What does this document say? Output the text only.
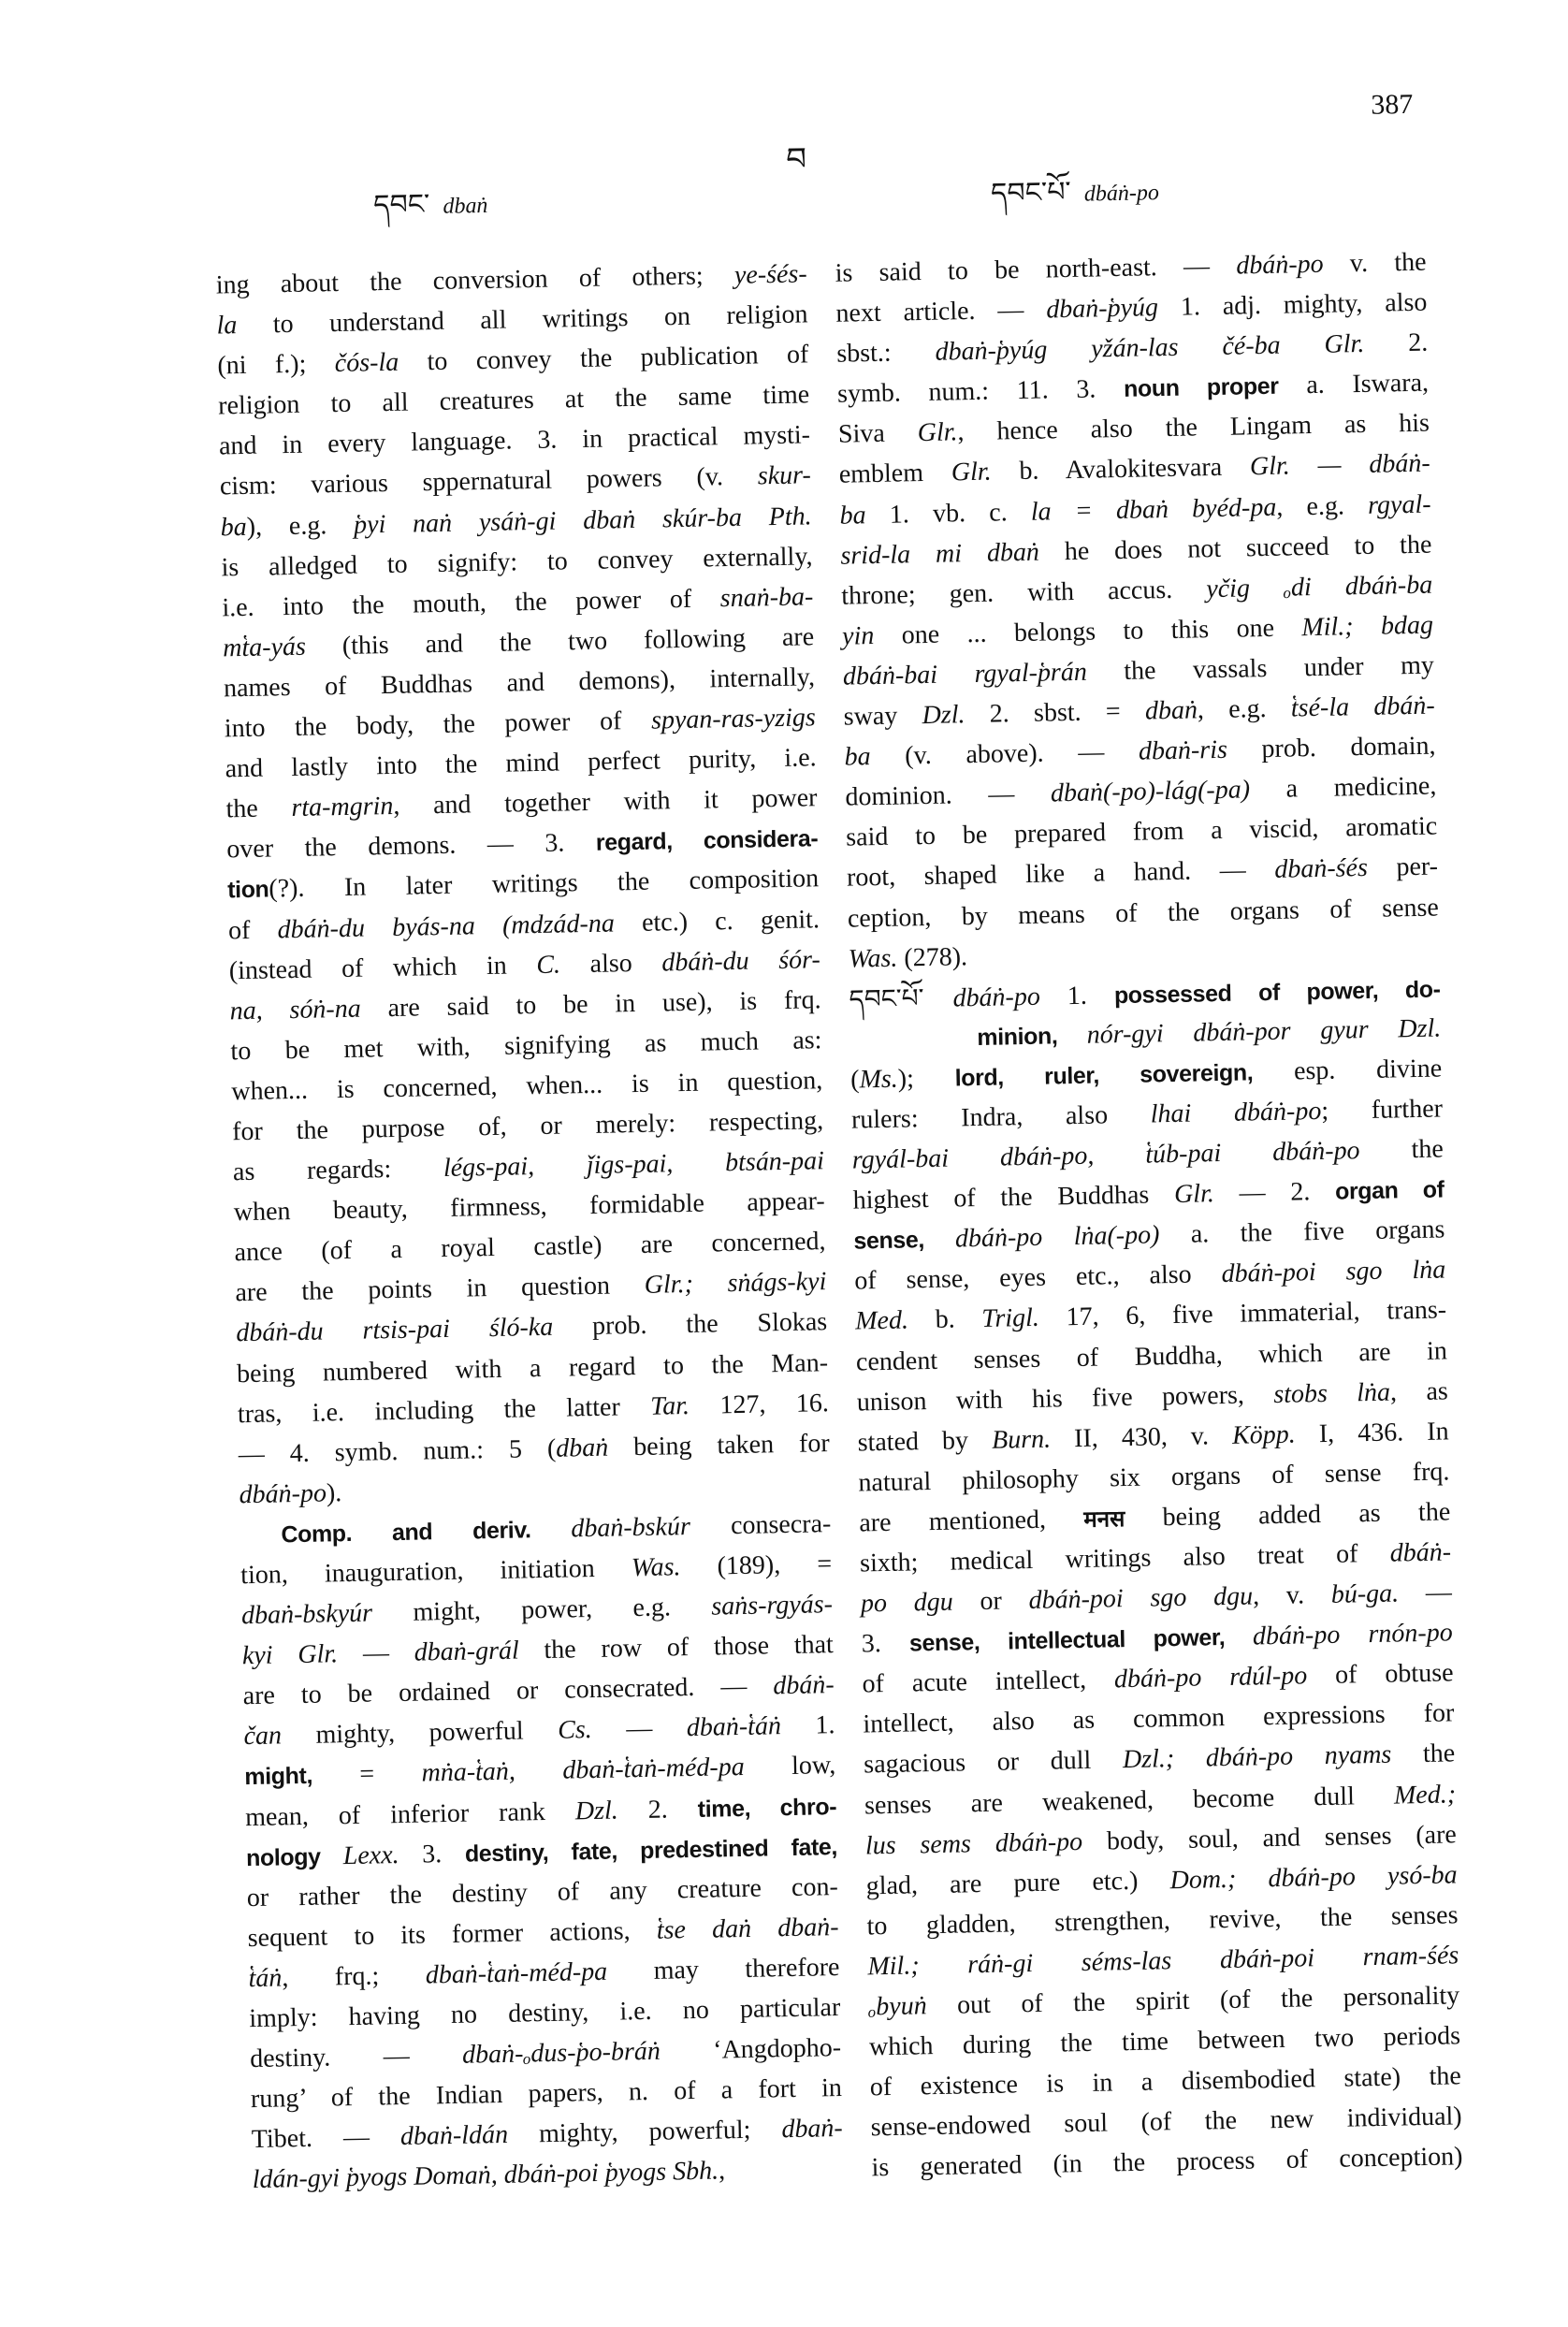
387
བ
དབང་ dbaṅ	དབང་པོ་ dbáṅ-po
ing about the conversion of others; ye-śés-
la to understand all writings on religion
(ni f.); čós-la to convey the publication of
religion to all creatures at the same time
and in every language. 3. in practical mysti-
cism: various sppernatural powers (v. skur-
ba), e.g. p̔yi naṅ ysáṅ-gi dbaṅ skúr-ba Pth.
is alledged to signify: to convey externally,
i.e. into the mouth, the power of snaṅ-ba-
mt̔a-yás (this and the two following are
names of Buddhas and demons), internally,
into the body, the power of spyan-ras-yzigs
and lastly into the mind perfect purity, i.e.
the rta-mgrin, and together with it power
over the demons. — 3. regard, considera-
tion(?). In later writings the composition
of dbáṅ-du byás-na (mdzád-na etc.) c. genit.
(instead of which in C. also dbáṅ-du śór-
na, sóṅ-na are said to be in use), is frq.
to be met with, signifying as much as:
when... is concerned, when... is in question,
for the purpose of, or merely: respecting,
as regards: légs-pai, ǰigs-pai, btsán-pai
when beauty, firmness, formidable appear-
ance (of a royal castle) are concerned,
are the points in question Glr.; sṅágs-kyi
dbáṅ-du rtsis-pai śló-ka prob. the Slokas
being numbered with a regard to the Man-
tras, i.e. including the latter Tar. 127, 16.
— 4. symb. num.: 5 (dbaṅ being taken for
dbáṅ-po).
Comp. and deriv. dbaṅ-bskúr consecra-
tion, inauguration, initiation Was. (189), =
dbaṅ-bskyúr might, power, e.g. saṅs-rgyás-
kyi Glr. — dbaṅ-grál the row of those that
are to be ordained or consecrated. — dbáṅ-
čan mighty, powerful Cs. — dbaṅ-t̔áṅ 1.
might, = mṅa-t̔aṅ, dbaṅ-t̔aṅ-méd-pa low,
mean, of inferior rank Dzl. 2. time, chro-
nology Lexx. 3. destiny, fate, predestined fate,
or rather the destiny of any creature con-
sequent to its former actions, t̔se daṅ dbaṅ-
t̔áṅ, frq.; dbaṅ-t̔aṅ-méd-pa may therefore
imply: having no destiny, i.e. no particular
destiny. — dbaṅ-ₒdus-p̔o-bráṅ ‘Angdopho-
rung’ of the Indian papers, n. of a fort in
Tibet. — dbaṅ-ldán mighty, powerful; dbaṅ-
ldán-gyi p̔yogs Domaṅ, dbáṅ-poi p̔yogs Sbh.,
is said to be north-east. — dbáṅ-po v. the
next article. — dbaṅ-p̔yúg 1. adj. mighty, also
sbst.: dbaṅ-p̔yúg yžán-las čé-ba Glr. 2.
symb. num.: 11. 3. noun proper a. Iswara,
Siva Glr., hence also the Lingam as his
emblem Glr. b. Avalokitesvara Glr. — dbáṅ-
ba 1. vb. c. la = dbaṅ byéd-pa, e.g. rgyal-
srid-la mi dbaṅ he does not succeed to the
throne; gen. with accus. yčig ₒdi dbáṅ-ba
yin one ... belongs to this one Mil.; bdag
dbáṅ-bai rgyal-p̔rán the vassals under my
sway Dzl. 2. sbst. = dbaṅ, e.g. t̔sé-la dbáṅ-
ba (v. above). — dbaṅ-ris prob. domain,
dominion. — dbaṅ(-po)-lág(-pa) a medicine,
said to be prepared from a viscid, aromatic
root, shaped like a hand. — dbaṅ-śés per-
ception, by means of the organs of sense
Was. (278).
དབང་པོ་ dbáṅ-po 1. possessed of power, do-
minion, nór-gyi dbáṅ-por gyur Dzl.
(Ms.); lord, ruler, sovereign, esp. divine
rulers: Indra, also lhai dbáṅ-po; further
rgyál-bai dbáṅ-po, t̔úb-pai dbáṅ-po the
highest of the Buddhas Glr. — 2. organ of
sense, dbáṅ-po lṅa(-po) a. the five organs
of sense, eyes etc., also dbáṅ-poi sgo lṅa
Med. b. Trigl. 17, 6, five immaterial, trans-
cendent senses of Buddha, which are in
unison with his five powers, stobs lṅa, as
stated by Burn. II, 430, v. Köpp. I, 436. In
natural philosophy six organs of sense frq.
are mentioned, मनस being added as the
sixth; medical writings also treat of dbáṅ-
po dgu or dbáṅ-poi sgo dgu, v. bú-ga. —
3. sense, intellectual power, dbáṅ-po rnón-po
of acute intellect, dbáṅ-po rdúl-po of obtuse
intellect, also as common expressions for
sagacious or dull Dzl.; dbáṅ-po nyams the
senses are weakened, become dull Med.;
lus sems dbáṅ-po body, soul, and senses (are
glad, are pure etc.) Dom.; dbáṅ-po ysó-ba
to gladden, strengthen, revive, the senses
Mil.; ráṅ-gi séms-las dbáṅ-poi rnam-śés
ₒbyuṅ out of the spirit (of the personality
which during the time between two periods
of existence is in a disembodied state) the
sense-endowed soul (of the new individual)
is generated (in the process of conception)
